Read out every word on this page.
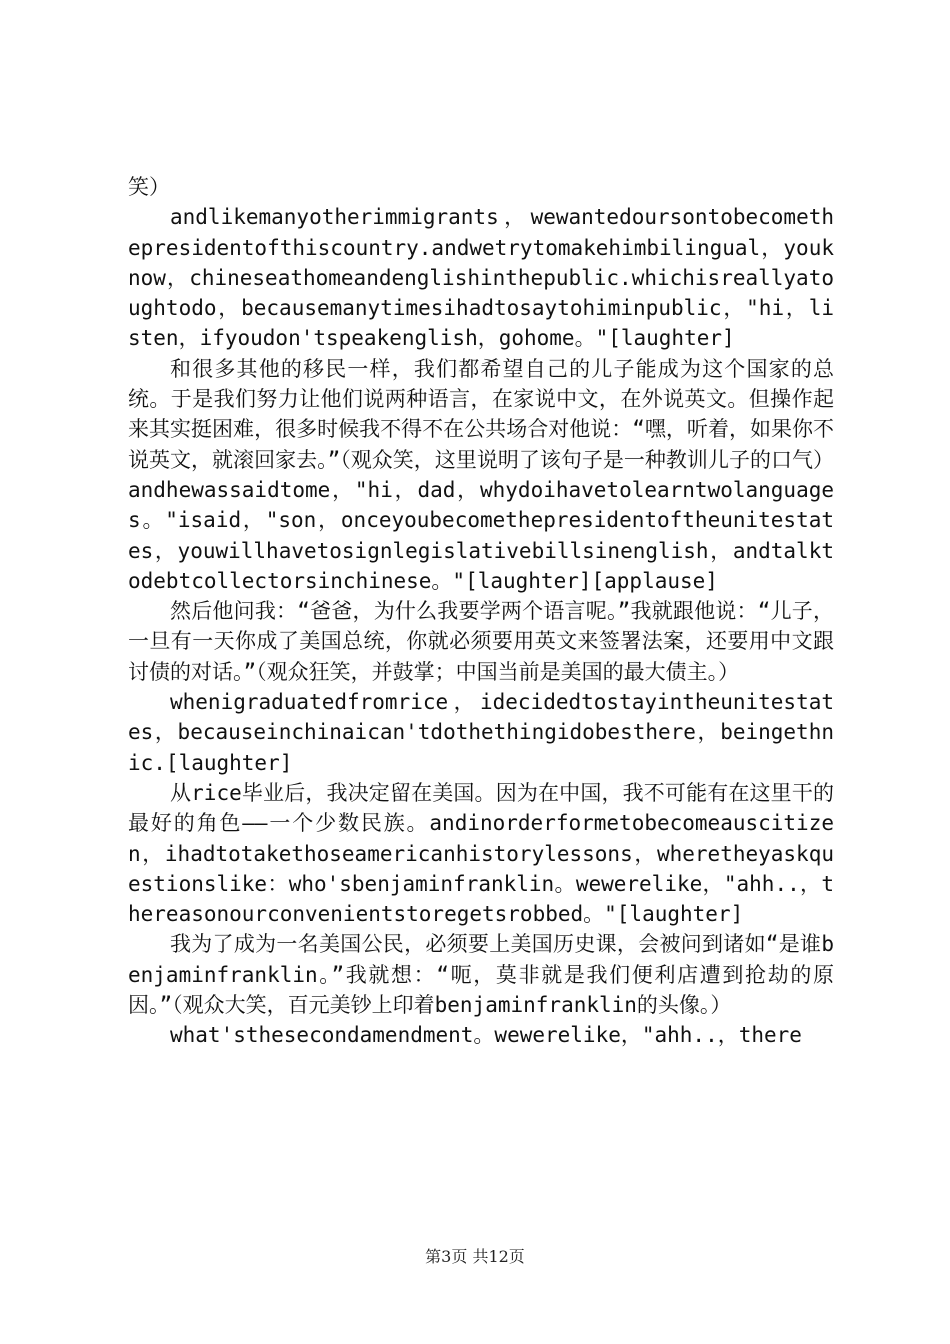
笑）

andlikemanyotherimmigrants，wewantedoursontobecomethepresidentofthiscountry.andwetrytomakehimbilingual，youknow，chineseathomeandenglishinthepublic.whichisreallyatoughtodo，becausemanytimesihadtosaytohiminpublic，"hi，listen，ifyoudon'tspeakenglish，gohome。"[laughter]

和很多其他的移民一样，我们都希望自己的儿子能成为这个国家的总统。于是我们努力让他们说两种语言，在家说中文，在外说英文。但操作起来其实挺困难，很多时候我不得不在公共场合对他说：“嘿，听着，如果你不说英文，就滚回家去。”（观众笑，这里说明了该句子是一种教训儿子的口气）andhewassaidtome，"hi，dad，whydoihavetolearntwolanguages。"isaid，"son，onceyoubecomethepresidentoftheunitestates，youwillhavetosignlegislativebillsinenglish，andtalktodebtcollectorsinchinese。"[laughter][applause]

然后他问我：“爸爸，为什么我要学两个语言呢。”我就跟他说：“儿子，一旦有一天你成了美国总统，你就必须要用英文来签署法案，还要用中文跟讨债的对话。”（观众狂笑，并鼓掌；中国当前是美国的最大债主。）

whenigraduatedfromrice，idecidedtostayintheunitestates，becauseinchinaican'tdothethingidobesthere，beingethnic.[laughter]

从rice毕业后，我决定留在美国。因为在中国，我不可能有在这里干的最好的角色——一个少数民族。andinorderformetobecomeauscitizen，ihadtotakethoseamericanhistorylessons，wheretheyaskquestionslike：who'sbenjaminfranklin。wewerelike，"ahh..，thereasonourconvenientstoregetsrobbed。"[laughter]

我为了成为一名美国公民，必须要上美国历史课，会被问到诸如“是谁benjaminfranklin。”我就想：“呃，莫非就是我们便利店遭到抢劫的原因。”（观众大笑，百元美钞上印着benjaminfranklin的头像。）

what'sthesecondamendment。wewerelike，"ahh..，there

第3页 共12页
